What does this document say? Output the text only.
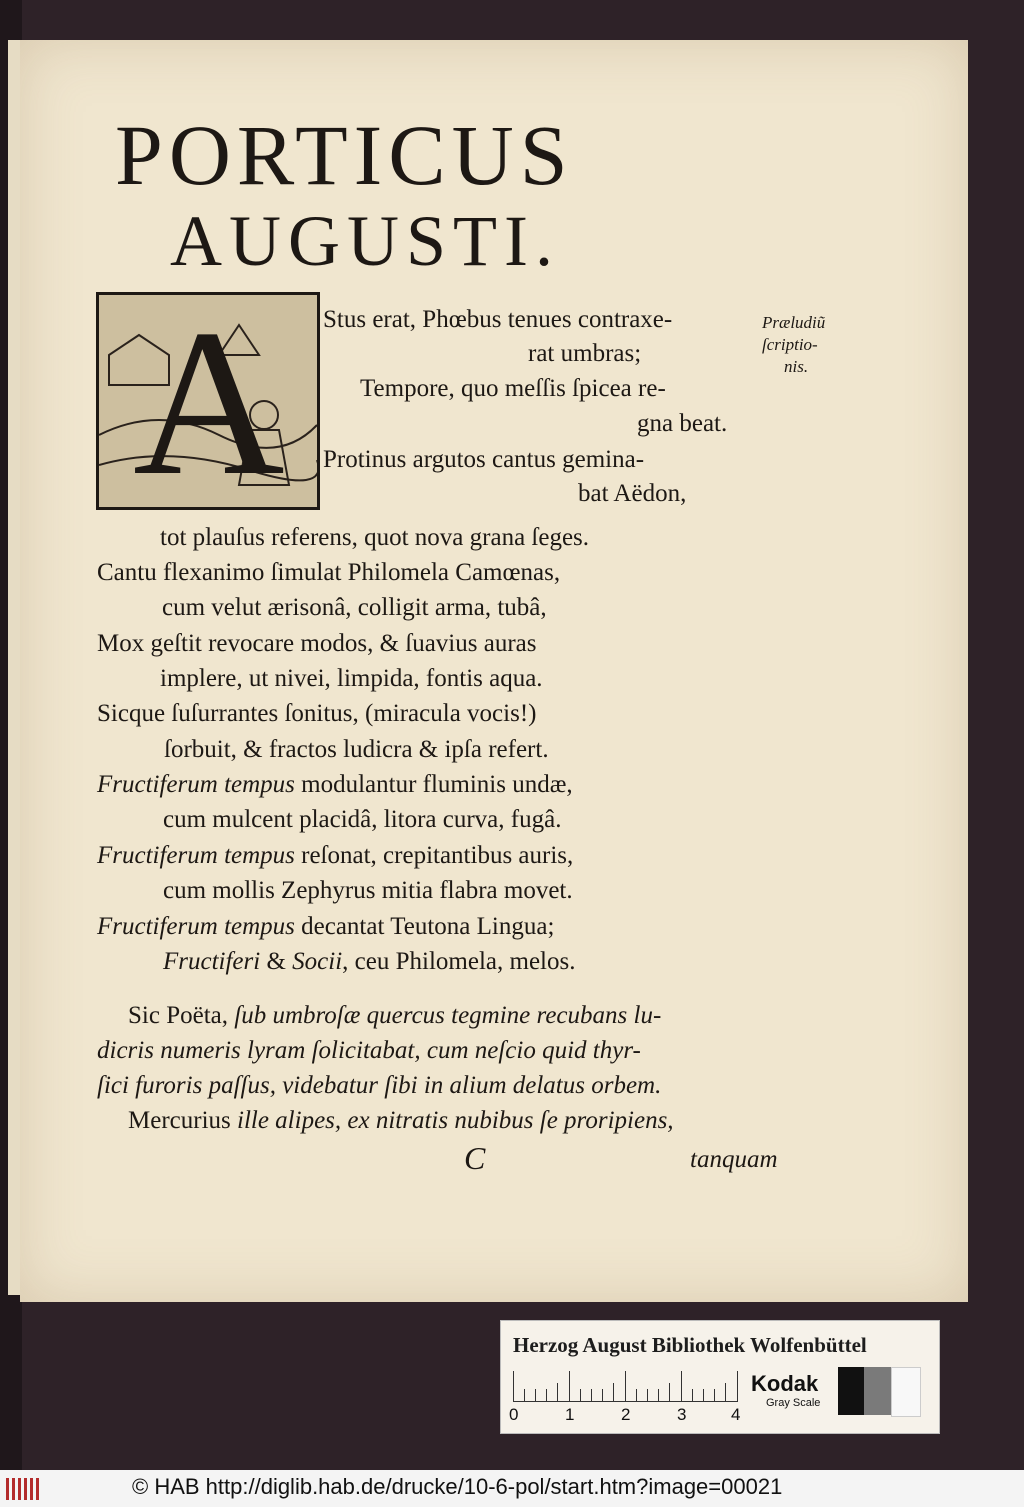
PORTICUS
AUGUSTI.
A Stus erat, Phœbus tenues contraxe-
rat umbras;
Tempore, quo meſſis ſpicea re-
gna beat.
Protinus argutos cantus gemina-
bat Aëdon,
tot plauſus referens, quot nova grana ſeges.
Cantu flexanimo ſimulat Philomela Camœnas,
cum velut ærisonâ, colligit arma, tubâ,
Mox geſtit revocare modos, & ſuavius auras
implere, ut nivei, limpida, fontis aqua.
Sicque ſuſurrantes ſonitus, (miracula vocis!)
ſorbuit, & fractos ludicra & ipſa refert.
Fructiferum tempus modulantur fluminis undæ,
cum mulcent placidâ, litora curva, fugâ.
Fructiferum tempus reſonat, crepitantibus auris,
cum mollis Zephyrus mitia flabra movet.
Fructiferum tempus decantat Teutona Lingua;
Fructiferi & Socii, ceu Philomela, melos.
Sic Poëta, ſub umbroſæ quercus tegmine recubans lu-
dicris numeris lyram ſolicitabat, cum neſcio quid thyr-
ſici furoris paſſus, videbatur ſibi in alium delatus orbem.
Mercurius ille alipes, ex nitratis nubibus ſe proripiens,
C	tanquam
Præludiũ
ſcriptio-
nis.
Herzog August Bibliothek Wolfenbüttel
0	1	2	3	4
Kodak
Gray Scale
© HAB http://diglib.hab.de/drucke/10-6-pol/start.htm?image=00021
